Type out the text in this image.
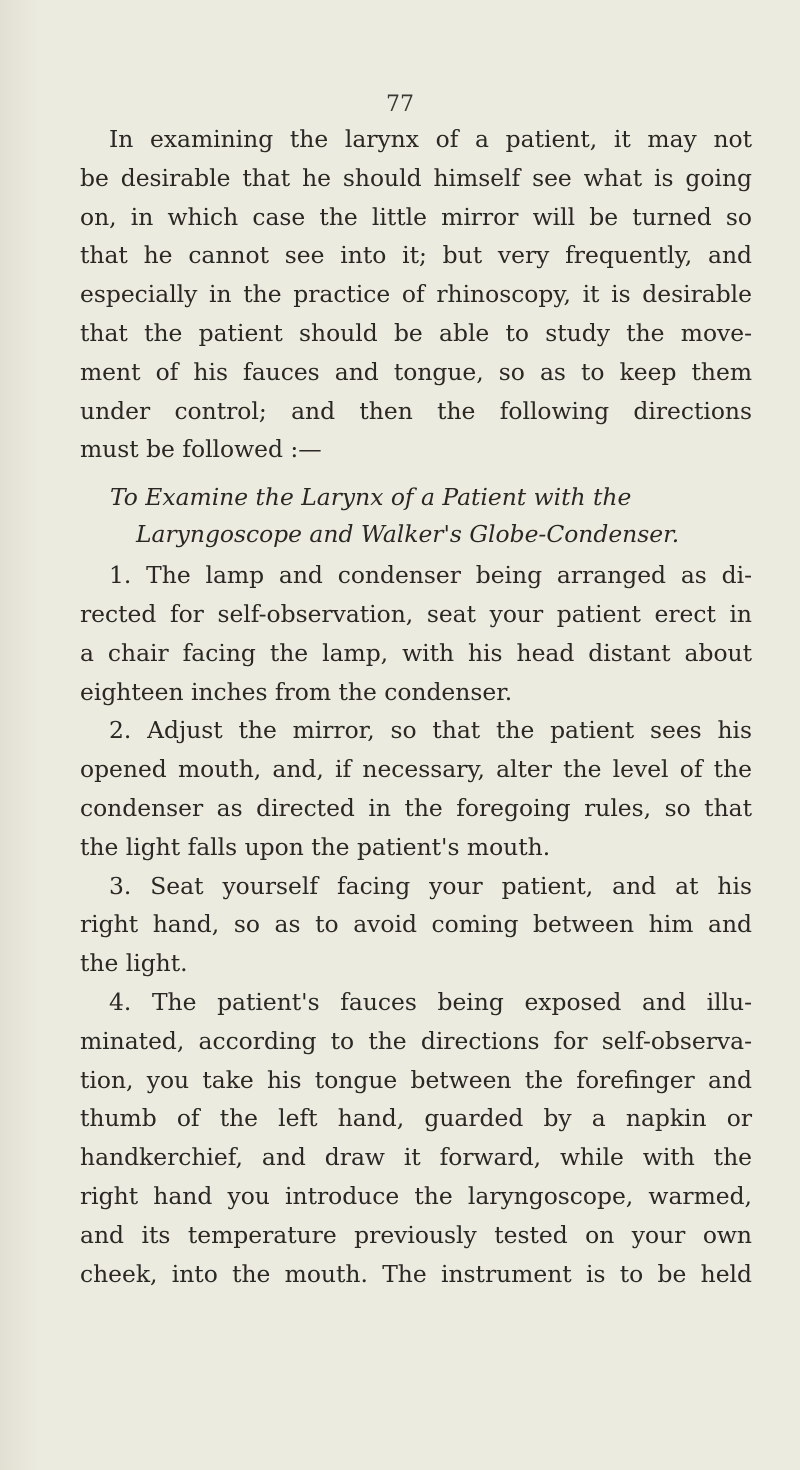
77
In examining the larynx of a patient, it may not
be desirable that he should himself see what is going
on, in which case the little mirror will be turned so
that he cannot see into it; but very frequently, and
especially in the practice of rhinoscopy, it is desirable
that the patient should be able to study the move-
ment of his fauces and tongue, so as to keep them
under control; and then the following directions
must be followed :—
To Examine the Larynx of a Patient with the
Laryngoscope and Walker's Globe-Condenser.
1. The lamp and condenser being arranged as di-
rected for self-observation, seat your patient erect in
a chair facing the lamp, with his head distant about
eighteen inches from the condenser.
2. Adjust the mirror, so that the patient sees his
opened mouth, and, if necessary, alter the level of the
condenser as directed in the foregoing rules, so that
the light falls upon the patient's mouth.
3. Seat yourself facing your patient, and at his
right hand, so as to avoid coming between him and
the light.
4. The patient's fauces being exposed and illu-
minated, according to the directions for self-observa-
tion, you take his tongue between the forefinger and
thumb of the left hand, guarded by a napkin or
handkerchief, and draw it forward, while with the
right hand you introduce the laryngoscope, warmed,
and its temperature previously tested on your own
cheek, into the mouth. The instrument is to be held
